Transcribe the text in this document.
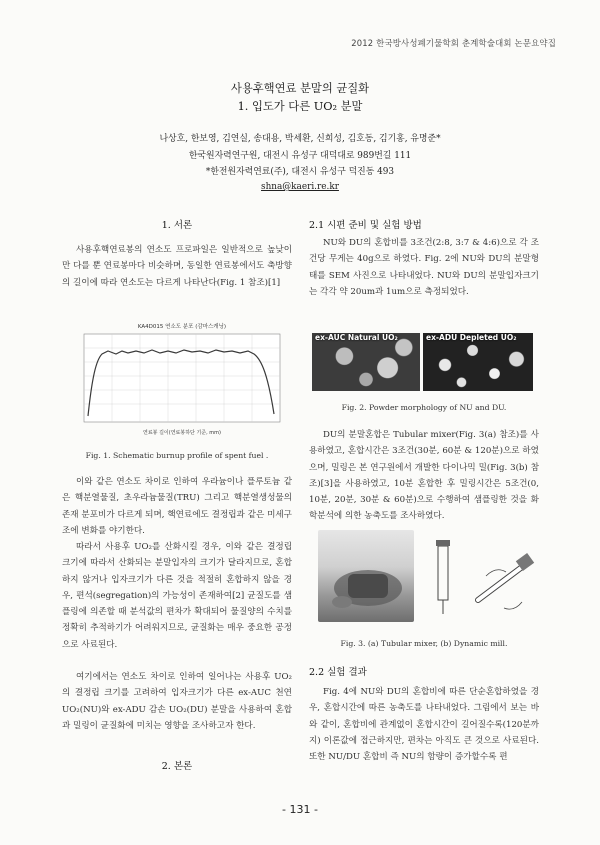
2012 한국방사성폐기물학회 춘계학술대회 논문요약집
사용후핵연료 분말의 균질화
1. 입도가 다른 UO₂ 분말
나상호, 한보영, 김연실, 송대용, 박세환, 신희성, 김호동, 김기홍, 유명준*
한국원자력연구원, 대전시 유성구 대덕대로 989번길 111
*한전원자력연료(주), 대전시 유성구 덕진동 493
shna@kaeri.re.kr
1. 서론
사용후핵연료봉의 연소도 프로파일은 일반적으로 높낮이만 다를 뿐 연료봉마다 비슷하며, 동일한 연료봉에서도 축방향의 길이에 따라 연소도는 다르게 나타난다(Fig. 1 참조)[1]
KA4D015 연소도 분포 (감마스캐닝)
연료봉 길이(연료봉하단 기준, mm)
Fig. 1. Schematic burnup profile of spent fuel .
이와 같은 연소도 차이로 인하여 우라늄이나 플루토늄 같은 핵분열물질, 초우라늄물질(TRU) 그리고 핵분열생성물의 존재 분포비가 다르게 되며, 핵연료에도 결정립과 같은 미세구조에 변화를 야기한다.
따라서 사용후 UO₂를 산화시킬 경우, 이와 같은 결정립 크기에 따라서 산화되는 분말입자의 크기가 달라지므로, 혼합하지 않거나 입자크기가 다른 것을 적절히 혼합하지 않을 경우, 편석(segregation)의 가능성이 존재하여[2] 균질도를 샘플링에 의존할 때 분석값의 편차가 확대되어 물질양의 수치를 정확히 추적하기가 어려워지므로, 균질화는 매우 중요한 공정으로 사료된다.
여기에서는 연소도 차이로 인하여 일어나는 사용후 UO₂의 결정립 크기를 고려하여 입자크기가 다른 ex-AUC 천연 UO₂(NU)와 ex-ADU 감손 UO₂(DU) 분말을 사용하여 혼합과 밀링이 균질화에 미치는 영향을 조사하고자 한다.
2. 본론
2.1 시편 준비 및 실험 방법
NU와 DU의 혼합비를 3조건(2:8, 3:7 & 4:6)으로 각 조건당 무게는 40g으로 하였다. Fig. 2에 NU와 DU의 분말형태를 SEM 사진으로 나타내었다. NU와 DU의 분말입자크기는 각각 약 20um과 1um으로 측정되었다.
ex-AUC Natural UO₂	ex-ADU Depleted UO₂
Fig. 2. Powder morphology of NU and DU.
DU의 분말혼합은 Tubular mixer(Fig. 3(a) 참조)를 사용하였고, 혼합시간은 3조건(30분, 60분 & 120분)으로 하였으며, 밀링은 본 연구원에서 개발한 다이나믹 밀(Fig. 3(b) 참조)[3]을 사용하였고, 10분 혼합한 후 밀링시간은 5조건(0, 10분, 20분, 30분 & 60분)으로 수행하여 샘플링한 것을 화학분석에 의한 농축도를 조사하였다.
Fig. 3. (a) Tubular mixer, (b) Dynamic mill.
2.2 실험 결과
Fig. 4에 NU와 DU의 혼합비에 따른 단순혼합하였을 경우, 혼합시간에 따른 농축도를 나타내었다. 그림에서 보는 바와 같이, 혼합비에 관계없이 혼합시간이 길어질수록(120분까지) 이론값에 접근하지만, 편차는 아직도 큰 것으로 사료된다. 또한 NU/DU 혼합비 즉 NU의 함량이 증가할수록 편
- 131 -
